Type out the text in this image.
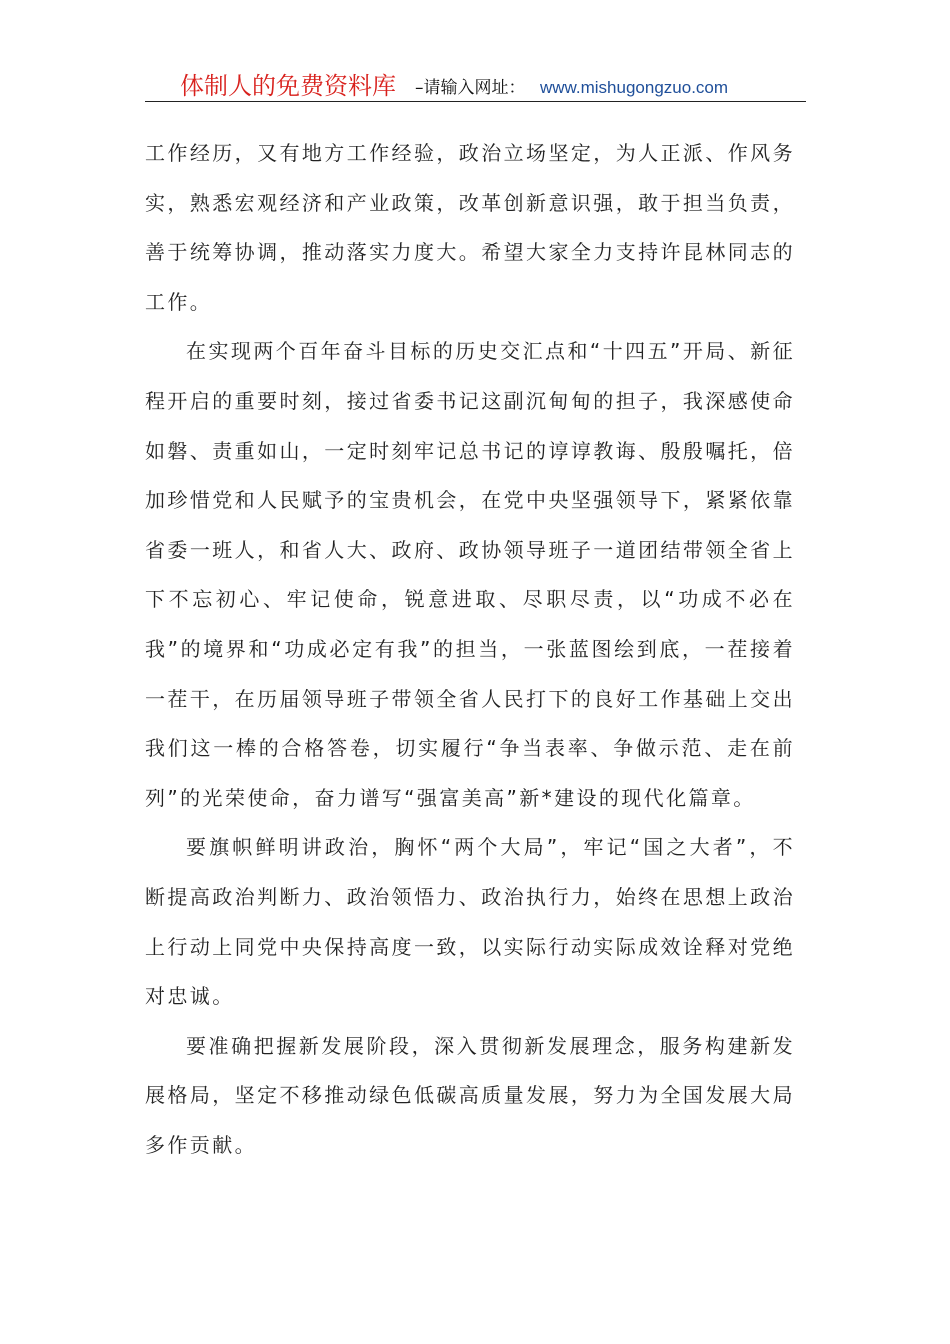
体制人的免费资料库 –请输入网址： www.mishugongzuo.com

工作经历，又有地方工作经验，政治立场坚定，为人正派、作风务实，熟悉宏观经济和产业政策，改革创新意识强，敢于担当负责，善于统筹协调，推动落实力度大。希望大家全力支持许昆林同志的工作。

在实现两个百年奋斗目标的历史交汇点和“十四五”开局、新征程开启的重要时刻，接过省委书记这副沉甸甸的担子，我深感使命如磐、责重如山，一定时刻牢记总书记的谆谆教诲、殷殷嘱托，倍加珍惜党和人民赋予的宝贵机会，在党中央坚强领导下，紧紧依靠省委一班人，和省人大、政府、政协领导班子一道团结带领全省上下不忘初心、牢记使命，锐意进取、尽职尽责，以“功成不必在我”的境界和“功成必定有我”的担当，一张蓝图绘到底，一茬接着一茬干，在历届领导班子带领全省人民打下的良好工作基础上交出我们这一棒的合格答卷，切实履行“争当表率、争做示范、走在前列”的光荣使命，奋力谱写“强富美高”新*建设的现代化篇章。

要旗帜鲜明讲政治，胸怀“两个大局”，牢记“国之大者”，不断提高政治判断力、政治领悟力、政治执行力，始终在思想上政治上行动上同党中央保持高度一致，以实际行动实际成效诠释对党绝对忠诚。

要准确把握新发展阶段，深入贯彻新发展理念，服务构建新发展格局，坚定不移推动绿色低碳高质量发展，努力为全国发展大局多作贡献。
